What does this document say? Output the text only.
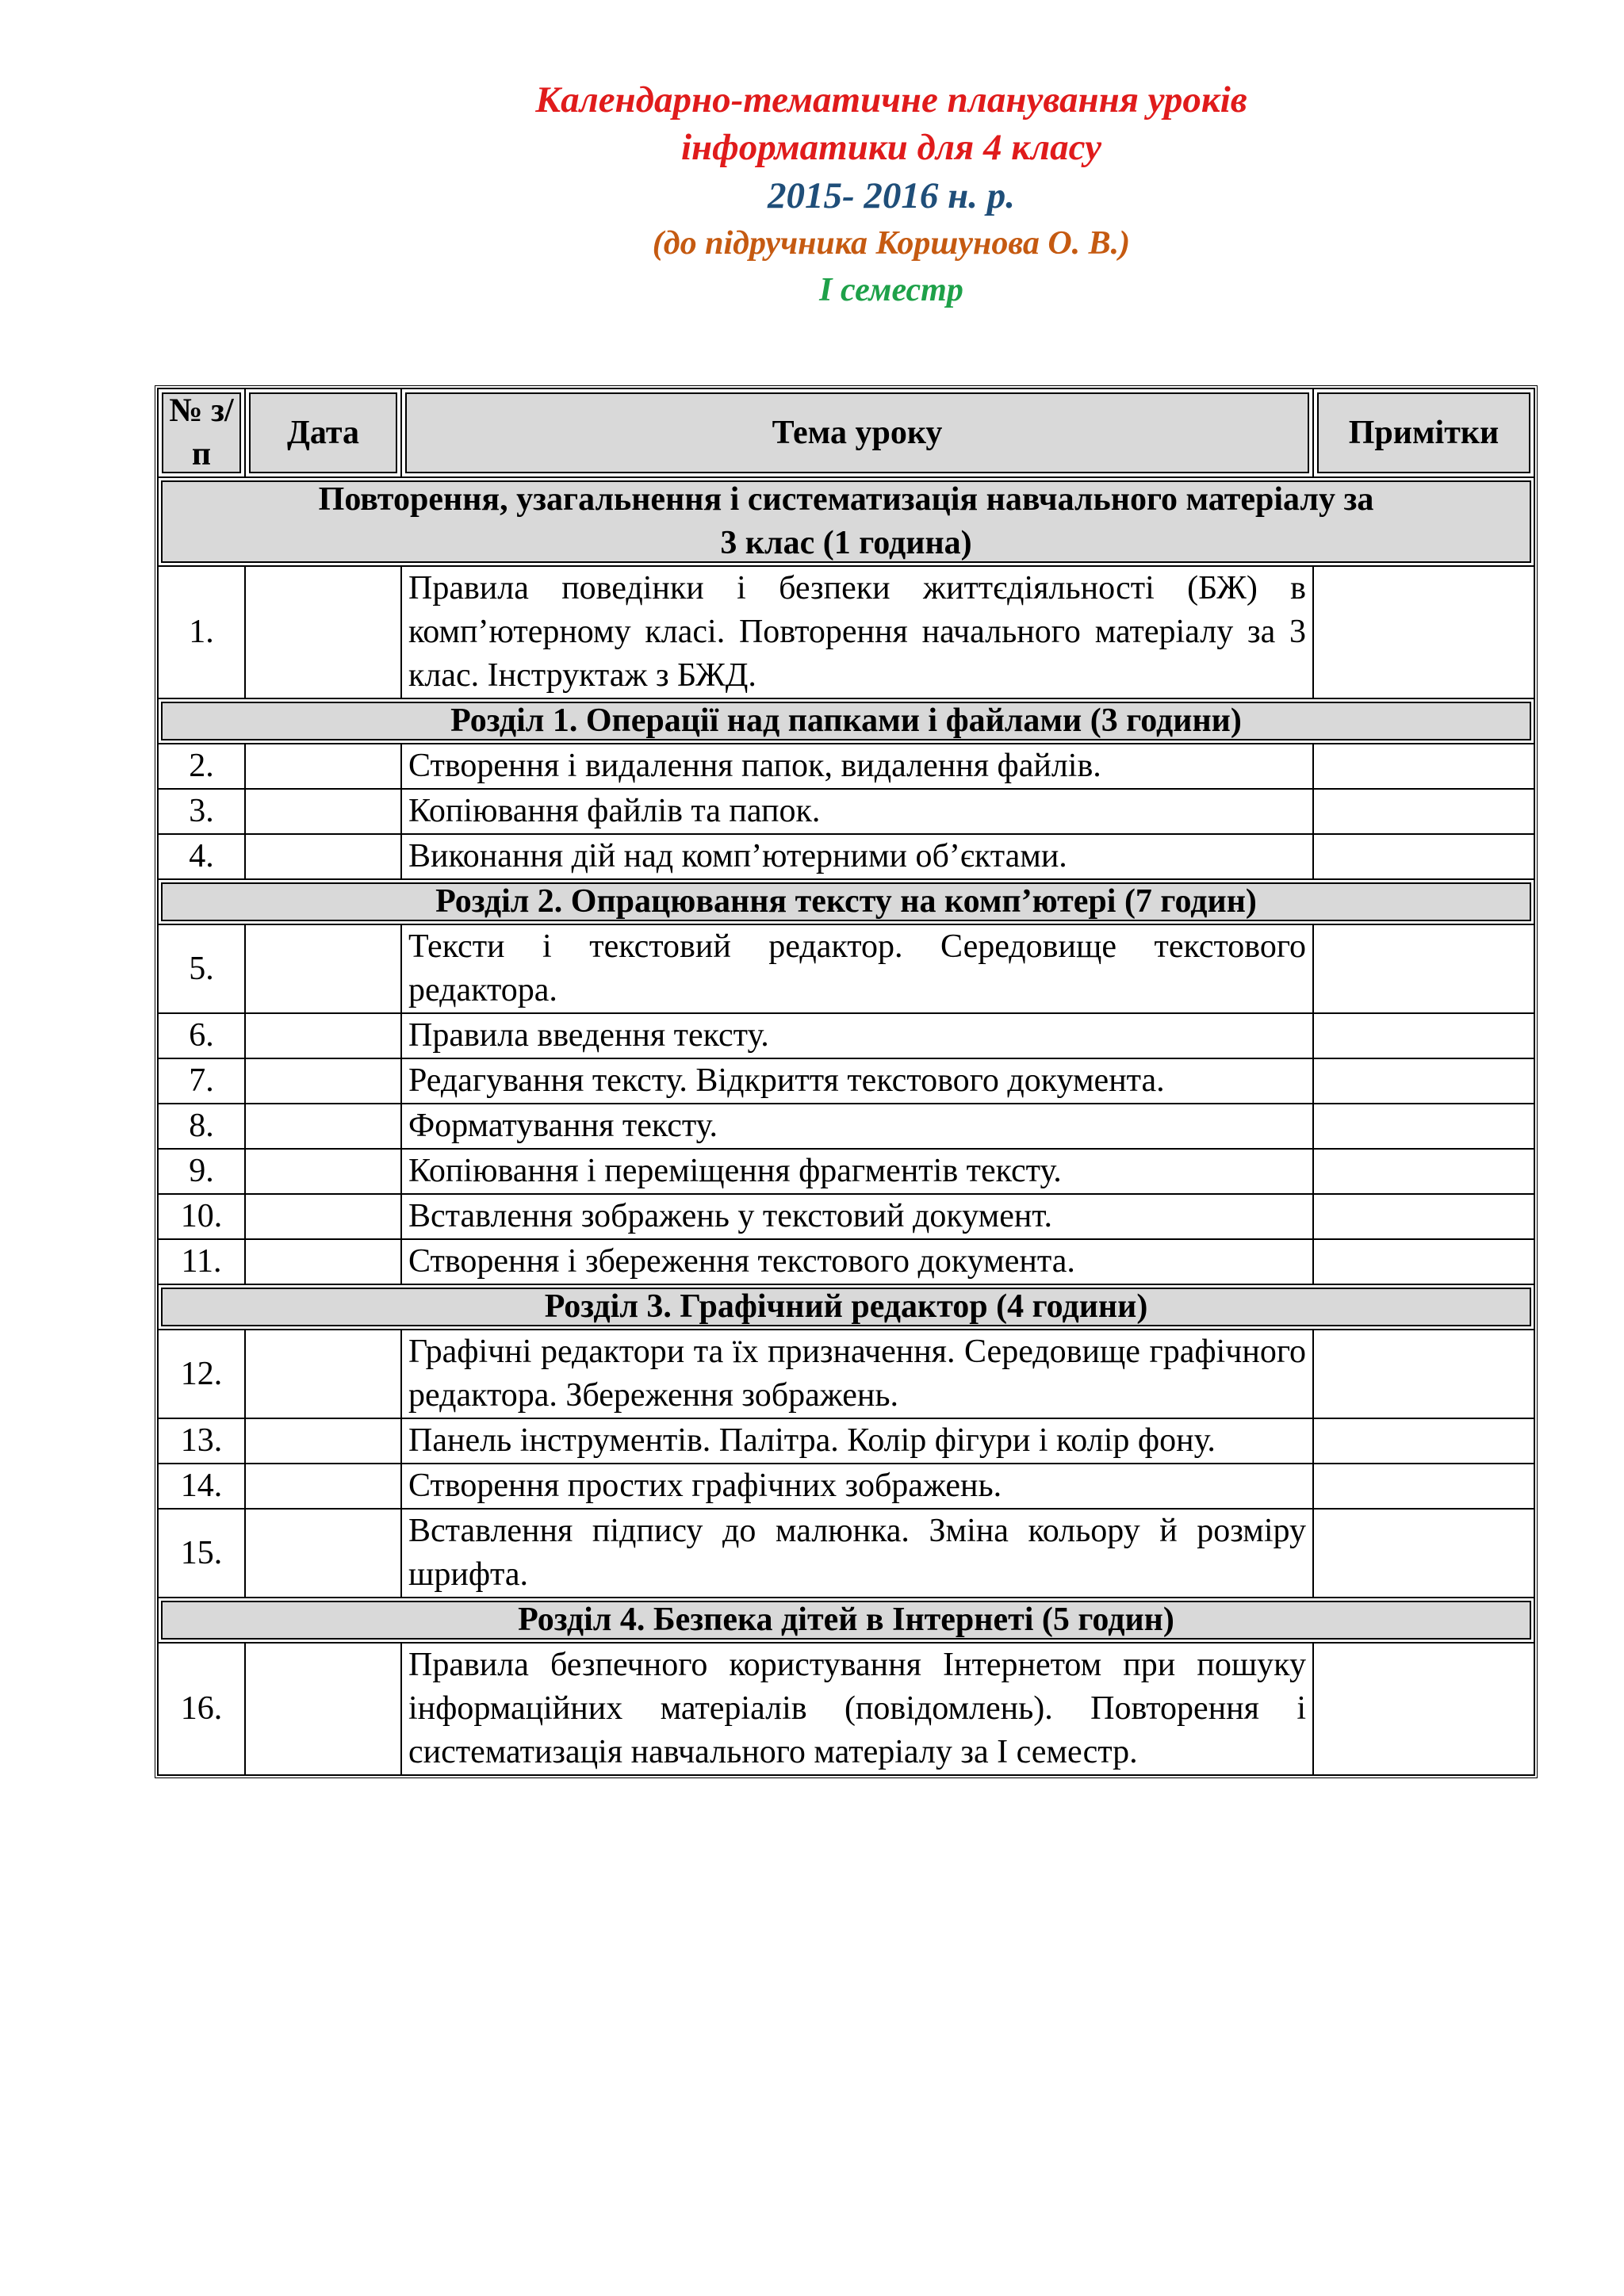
Календарно-тематичне планування уроків
інформатики для 4 класу
2015- 2016 н. р.
(до підручника Коршунова О. В.)
І семестр
№ з/п	Дата	Тема уроку	Примітки
Повторення, узагальнення і систематизація навчального матеріалу за 3 клас (1 година)			
1.		Правила поведінки і безпеки життєдіяльності (БЖ) в комп’ютерному класі. Повторення начального матеріалу за 3 клас. Інструктаж з БЖД.	
Розділ 1. Операції над папками і файлами (3 години)			
2.		Створення і видалення папок, видалення файлів.	
3.		Копіювання файлів та папок.	
4.		Виконання дій над комп’ютерними об’єктами.	
Розділ 2. Опрацювання тексту на комп’ютері (7 годин)			
5.		Тексти і текстовий редактор. Середовище текстового редактора.	
6.		Правила введення тексту.	
7.		Редагування тексту. Відкриття текстового документа.	
8.		Форматування тексту.	
9.		Копіювання і переміщення фрагментів тексту.	
10.		Вставлення зображень у текстовий документ.	
11.		Створення і збереження текстового документа.	
Розділ 3. Графічний редактор (4 години)			
12.		Графічні редактори та їх призначення. Середовище графічного редактора. Збереження зображень.	
13.		Панель інструментів. Палітра. Колір фігури і колір фону.	
14.		Створення простих графічних зображень.	
15.		Вставлення підпису до малюнка. Зміна кольору й розміру шрифта.	
Розділ 4. Безпека дітей в Інтернеті (5 годин)			
16.		Правила безпечного користування Інтернетом при пошуку інформаційних матеріалів (повідомлень). Повторення і систематизація навчального матеріалу за І семестр.	
